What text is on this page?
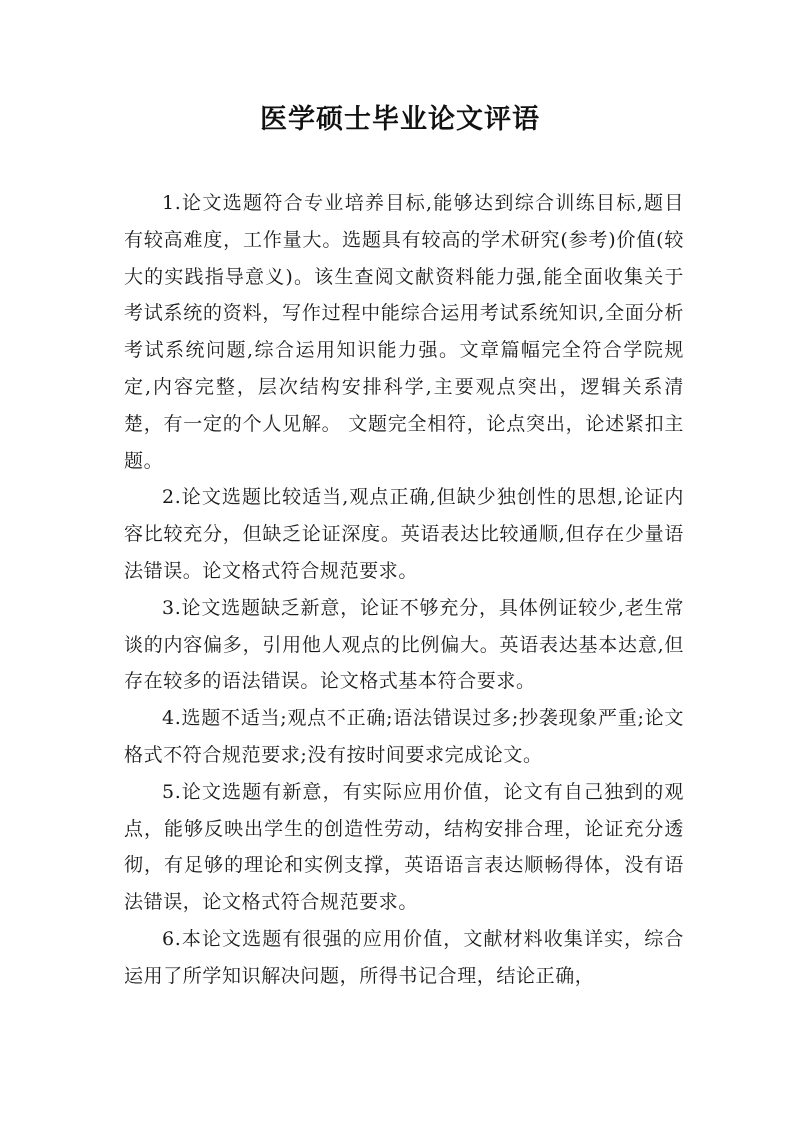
医学硕士毕业论文评语

1.论文选题符合专业培养目标,能够达到综合训练目标,题目有较高难度，工作量大。选题具有较高的学术研究(参考)价值(较大的实践指导意义)。该生查阅文献资料能力强,能全面收集关于考试系统的资料，写作过程中能综合运用考试系统知识,全面分析考试系统问题,综合运用知识能力强。文章篇幅完全符合学院规定,内容完整，层次结构安排科学,主要观点突出，逻辑关系清楚，有一定的个人见解。 文题完全相符，论点突出，论述紧扣主题。

2.论文选题比较适当,观点正确,但缺少独创性的思想,论证内容比较充分，但缺乏论证深度。英语表达比较通顺,但存在少量语法错误。论文格式符合规范要求。

3.论文选题缺乏新意，论证不够充分，具体例证较少,老生常谈的内容偏多，引用他人观点的比例偏大。英语表达基本达意,但存在较多的语法错误。论文格式基本符合要求。

4.选题不适当;观点不正确;语法错误过多;抄袭现象严重;论文格式不符合规范要求;没有按时间要求完成论文。

5.论文选题有新意，有实际应用价值，论文有自己独到的观点，能够反映出学生的创造性劳动，结构安排合理，论证充分透彻，有足够的理论和实例支撑，英语语言表达顺畅得体，没有语法错误，论文格式符合规范要求。

6.本论文选题有很强的应用价值，文献材料收集详实，综合运用了所学知识解决问题，所得书记合理，结论正确，
